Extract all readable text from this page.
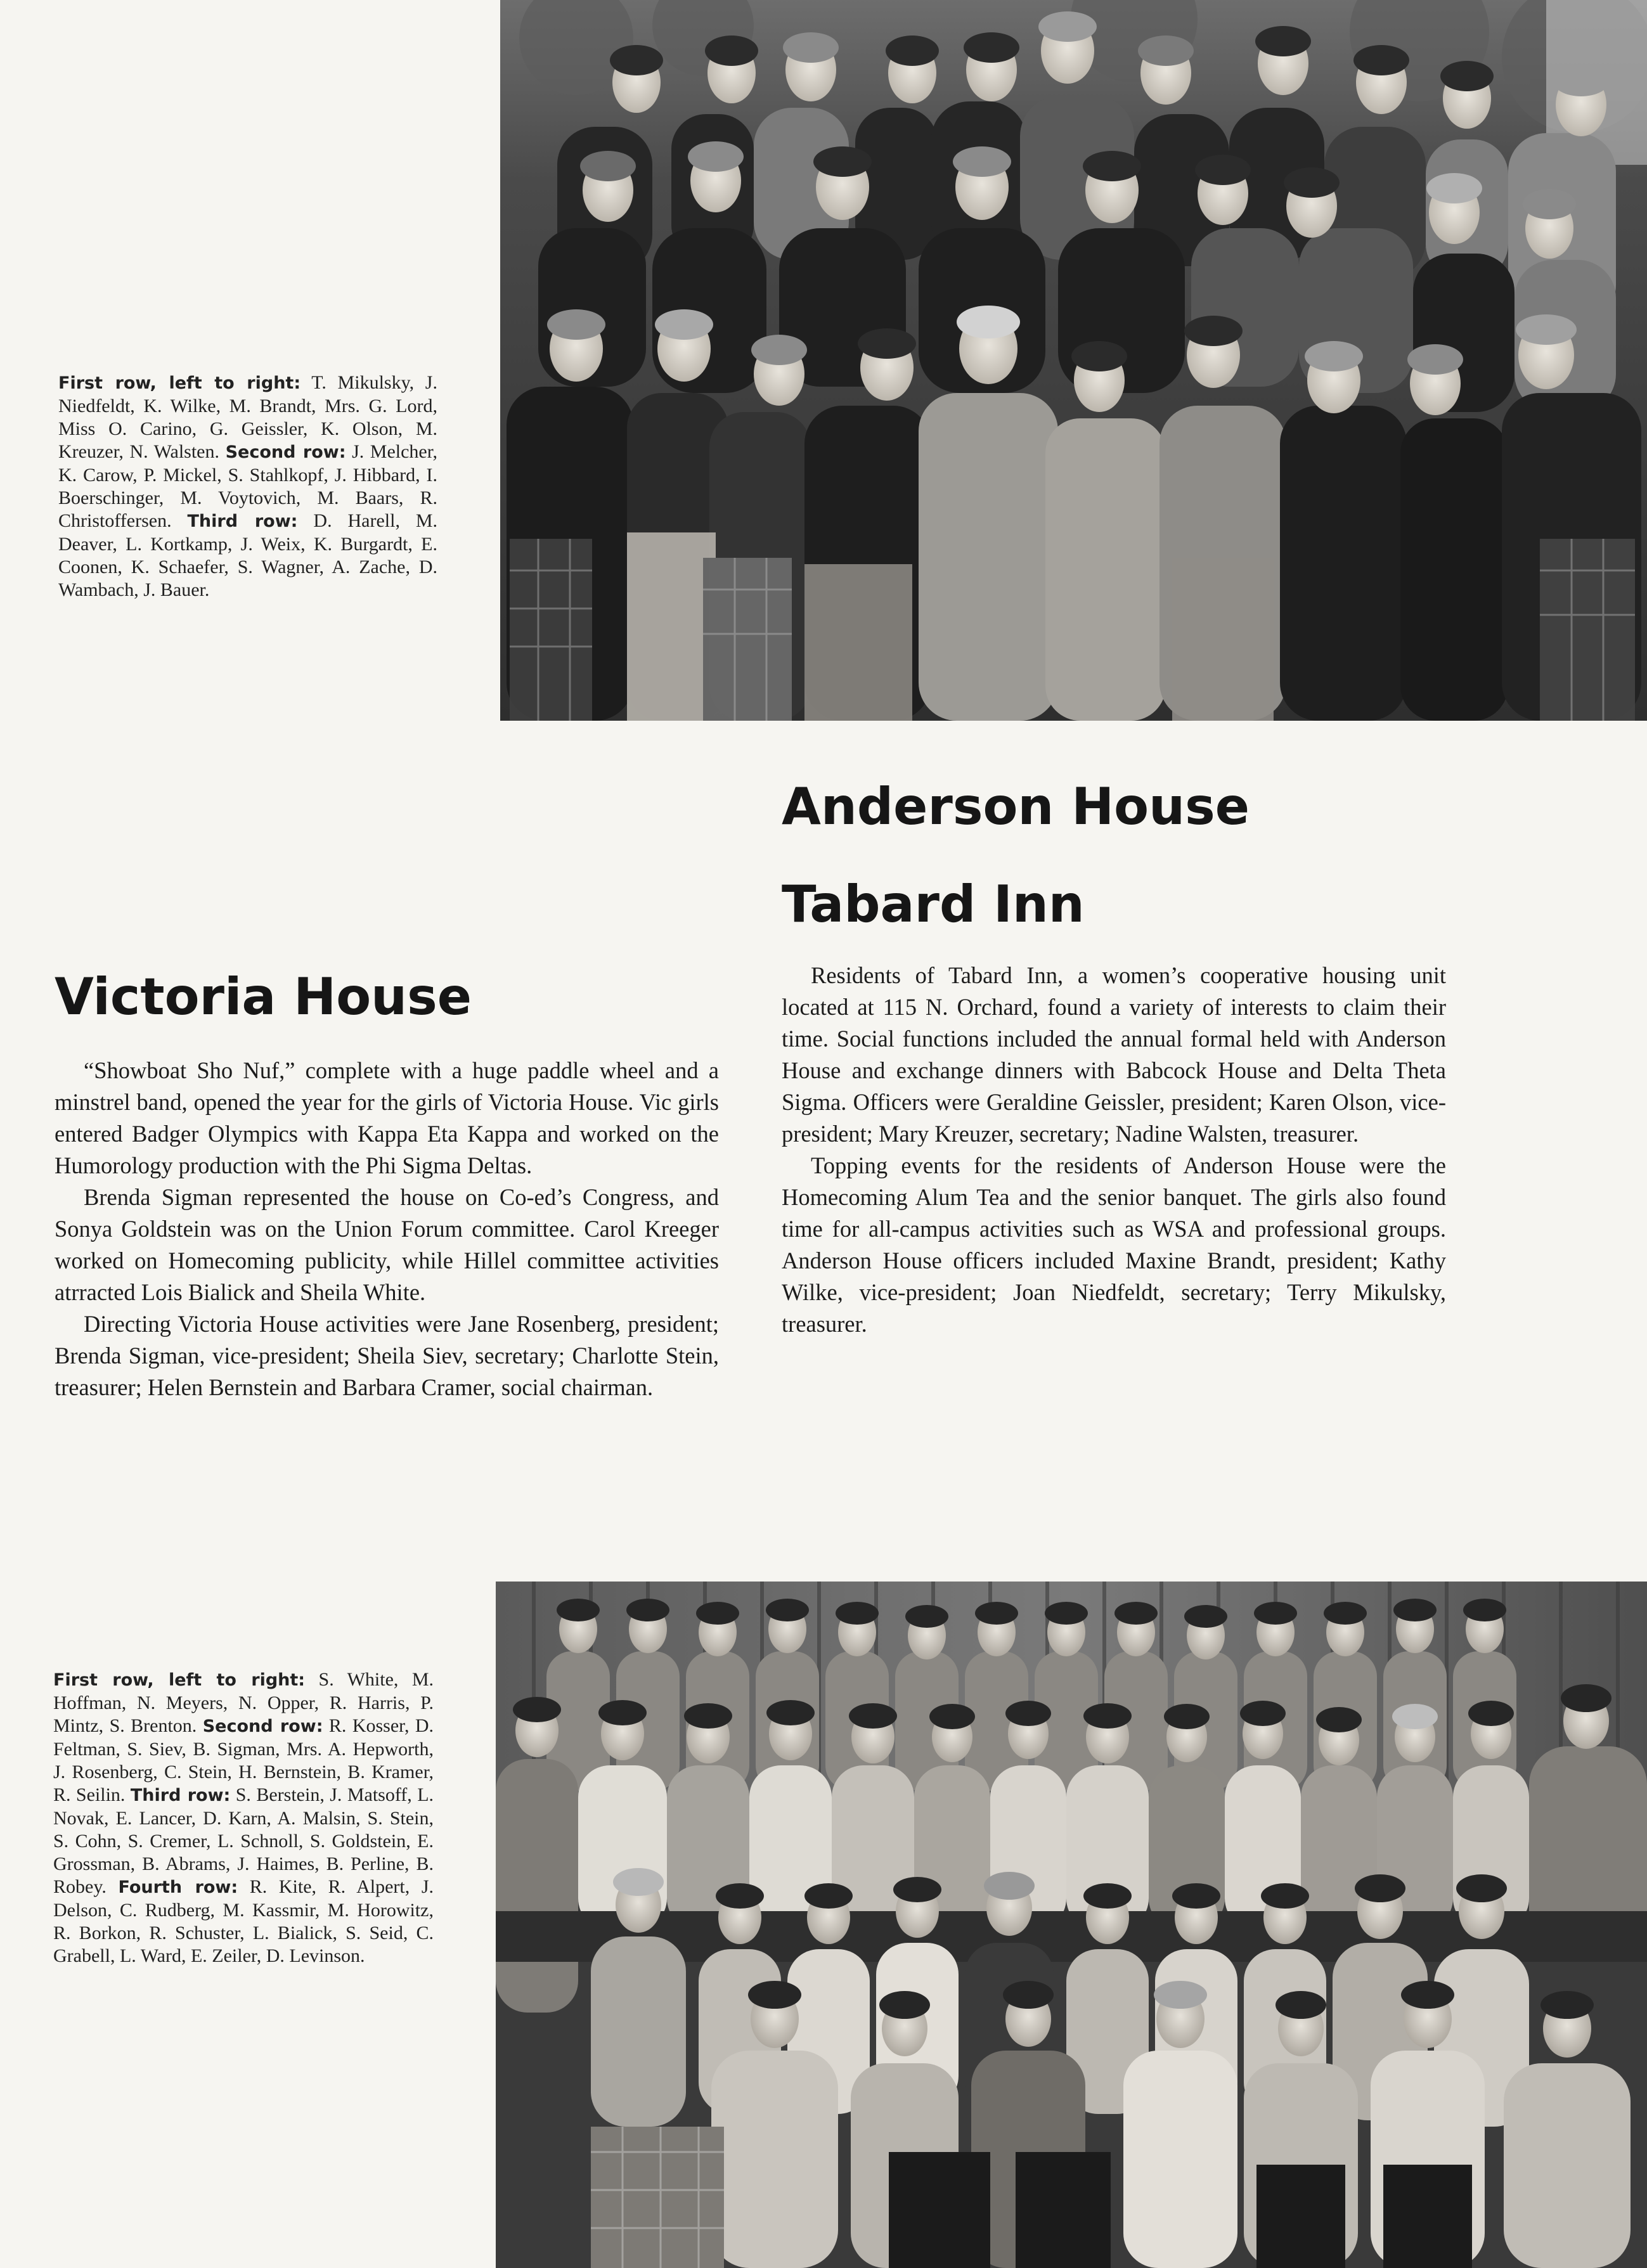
First row, left to right: T. Mikulsky, J. Niedfeldt, K. Wilke, M. Brandt, Mrs. G. Lord, Miss O. Carino, G. Geissler, K. Olson, M. Kreuzer, N. Walsten. Second row: J. Melcher, K. Carow, P. Mickel, S. Stahlkopf, J. Hibbard, I. Boerschinger, M. Voytovich, M. Baars, R. Christoffersen. Third row: D. Harell, M. Deaver, L. Kortkamp, J. Weix, K. Burgardt, E. Coonen, K. Schaefer, S. Wagner, A. Zache, D. Wambach, J. Bauer.
Anderson House
Tabard Inn

Residents of Tabard Inn, a women’s cooperative housing unit located at 115 N. Orchard, found a variety of interests to claim their time. Social functions included the annual formal held with Anderson House and exchange dinners with Babcock House and Delta Theta Sigma. Officers were Geraldine Geissler, president; Karen Olson, vice-president; Mary Kreuzer, secretary; Nadine Walsten, treasurer.

Topping events for the residents of Anderson House were the Homecoming Alum Tea and the senior banquet. The girls also found time for all-campus activities such as WSA and professional groups. Anderson House officers included Maxine Brandt, president; Kathy Wilke, vice-president; Joan Niedfeldt, secretary; Terry Mikulsky, treasurer.

Victoria House

“Showboat Sho Nuf,” complete with a huge paddle wheel and a minstrel band, opened the year for the girls of Victoria House. Vic girls entered Badger Olympics with Kappa Eta Kappa and worked on the Humorology production with the Phi Sigma Deltas.

Brenda Sigman represented the house on Co-ed’s Congress, and Sonya Goldstein was on the Union Forum committee. Carol Kreeger worked on Homecoming publicity, while Hillel committee activities atrracted Lois Bialick and Sheila White.

Directing Victoria House activities were Jane Rosenberg, president; Brenda Sigman, vice-president; Sheila Siev, secretary; Charlotte Stein, treasurer; Helen Bernstein and Barbara Cramer, social chairman.

First row, left to right: S. White, M. Hoffman, N. Meyers, N. Opper, R. Harris, P. Mintz, S. Brenton. Second row: R. Kosser, D. Feltman, S. Siev, B. Sigman, Mrs. A. Hepworth, J. Rosenberg, C. Stein, H. Bernstein, B. Kramer, R. Seilin. Third row: S. Berstein, J. Matsoff, L. Novak, E. Lancer, D. Karn, A. Malsin, S. Stein, S. Cohn, S. Cremer, L. Schnoll, S. Goldstein, E. Grossman, B. Abrams, J. Haimes, B. Perline, B. Robey. Fourth row: R. Kite, R. Alpert, J. Delson, C. Rudberg, M. Kassmir, M. Horowitz, R. Borkon, R. Schuster, L. Bialick, S. Seid, C. Grabell, L. Ward, E. Zeiler, D. Levinson.
